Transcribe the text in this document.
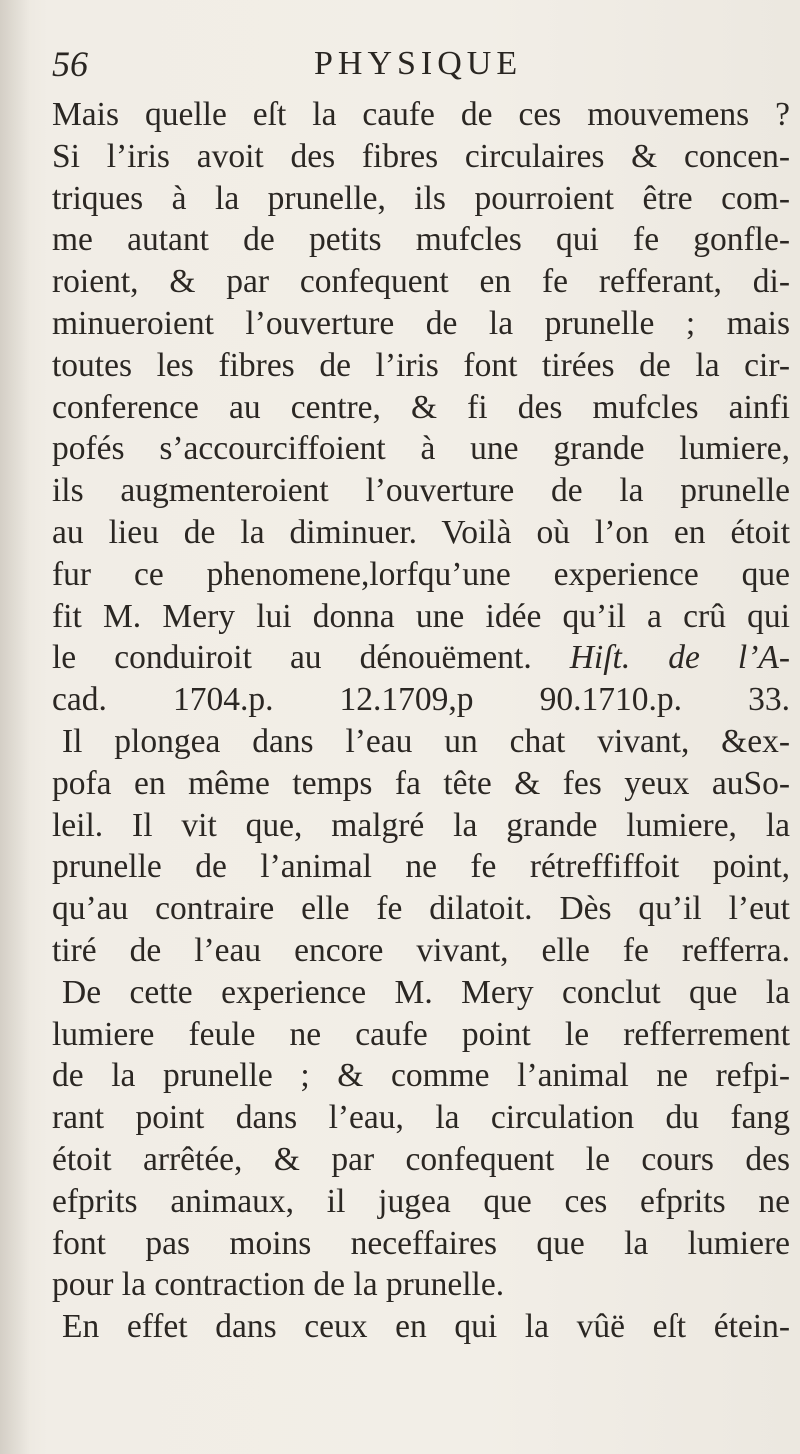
56	PHYSIQUE
Mais quelle eſt la caufe de ces mouvemens ?
Si l’iris avoit des fibres circulaires & concen-
triques à la prunelle, ils pourroient être com-
me autant de petits mufcles qui fe gonfle-
roient, & par confequent en fe refferant, di-
minueroient l’ouverture de la prunelle ; mais
toutes les fibres de l’iris font tirées de la cir-
conference au centre, & fi des mufcles ainfi
pofés s’accourciffoient à une grande lumiere,
ils augmenteroient l’ouverture de la prunelle
au lieu de la diminuer. Voilà où l’on en étoit
fur ce phenomene,lorfqu’une experience que
fit M. Mery lui donna une idée qu’il a crû qui
le conduiroit au dénouëment. Hiſt. de l’A-
cad. 1704.p. 12.1709,p 90.1710.p. 33.
Il plongea dans l’eau un chat vivant, &ex-
pofa en même temps fa tête & fes yeux auSo-
leil. Il vit que, malgré la grande lumiere, la
prunelle de l’animal ne fe rétreffiffoit point,
qu’au contraire elle fe dilatoit. Dès qu’il l’eut
tiré de l’eau encore vivant, elle fe refferra.
De cette experience M. Mery conclut que la
lumiere feule ne caufe point le refferrement
de la prunelle ; & comme l’animal ne refpi-
rant point dans l’eau, la circulation du fang
étoit arrêtée, & par confequent le cours des
efprits animaux, il jugea que ces efprits ne
font pas moins neceffaires que la lumiere
pour la contraction de la prunelle.
En effet dans ceux en qui la vûë eſt étein-
